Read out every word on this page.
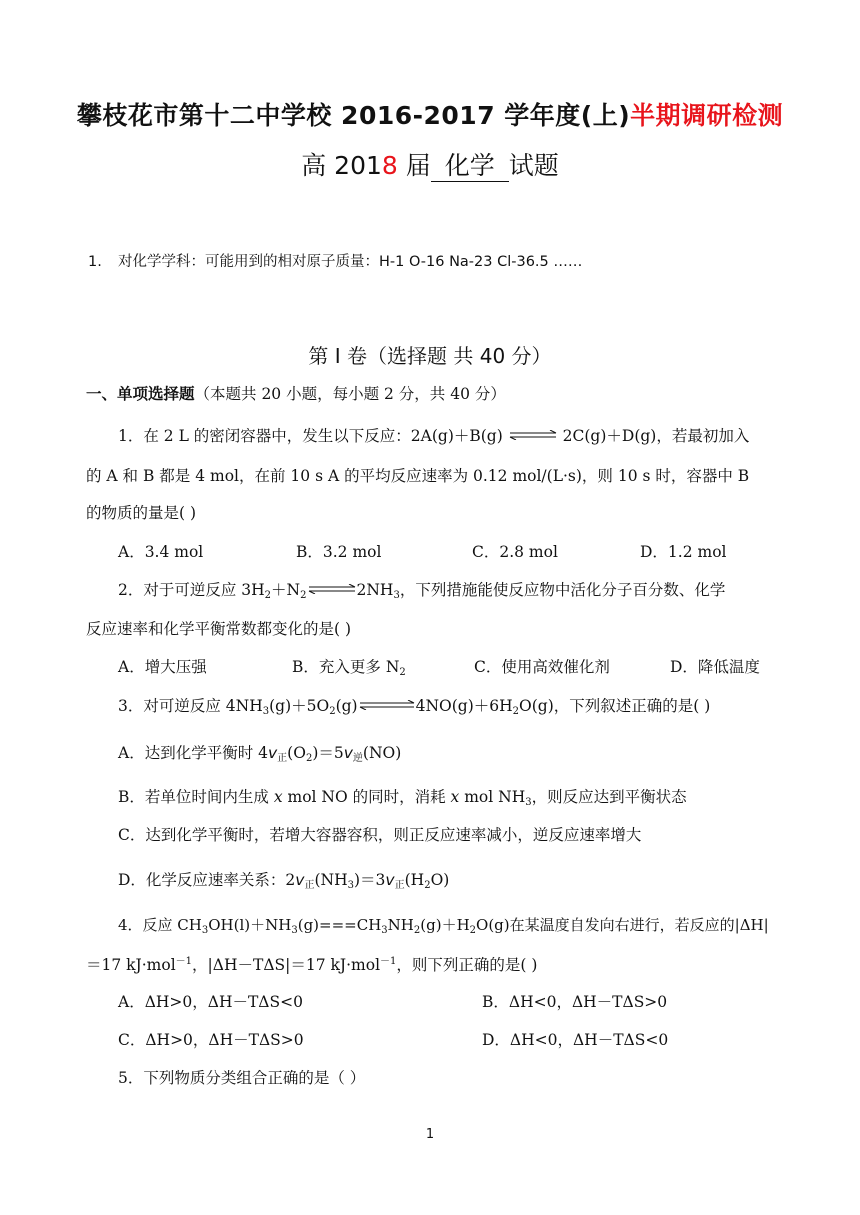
攀枝花市第十二中学校 2016-2017 学年度(上)半期调研检测
高 2018 届 化学 试题
1. 对化学学科：可能用到的相对原子质量：H-1 O-16 Na-23 Cl-36.5 ……
第 I 卷（选择题 共 40 分）
一、单项选择题（本题共 20 小题，每小题 2 分，共 40 分）
1．在 2 L 的密闭容器中，发生以下反应：2A(g)＋B(g) ⇌ 2C(g)＋D(g)，若最初加入
的 A 和 B 都是 4 mol，在前 10 s A 的平均反应速率为 0.12 mol/(L·s)，则 10 s 时，容器中 B
的物质的量是( )
A．3.4 mol	B．3.2 mol	C．2.8 mol	D．1.2 mol
2．对于可逆反应 $3H_2+N_2$ $\rightleftharpoons 2NH_3$，下列措施能使反应物中活化分子百分数、化学
反应速率和化学平衡常数都变化的是( )
A．增大压强	B．充入更多 $N_2$	C．使用高效催化剂	D．降低温度
3．对可逆反应 $4NH_3(g)+5O_2(g)\rightleftharpoons 4NO(g)+6H_2O(g)$，下列叙述正确的是( )
A．达到化学平衡时 $4v_正(O_2)=5v_逆(NO)$
B．若单位时间内生成 x mol NO 的同时，消耗 x mol $NH_3$，则反应达到平衡状态
C．达到化学平衡时，若增大容器容积，则正反应速率减小，逆反应速率增大
D．化学反应速率关系：$2v_正(NH_3)=3v_正(H_2O)$
4．反应 $CH_3OH(l)+NH_3(g)===CH_3NH_2(g)+H_2O(g)$在某温度自发向右进行，若反应的|ΔH|
＝17 kJ·mol$^{-1}$，|ΔH－TΔS|＝17 kJ·mol$^{-1}$，则下列正确的是( )
A．ΔH>0，ΔH－TΔS<0	B．ΔH<0，ΔH－TΔS>0
C．ΔH>0，ΔH－TΔS>0	D．ΔH<0，ΔH－TΔS<0
5．下列物质分类组合正确的是（ ）
1
